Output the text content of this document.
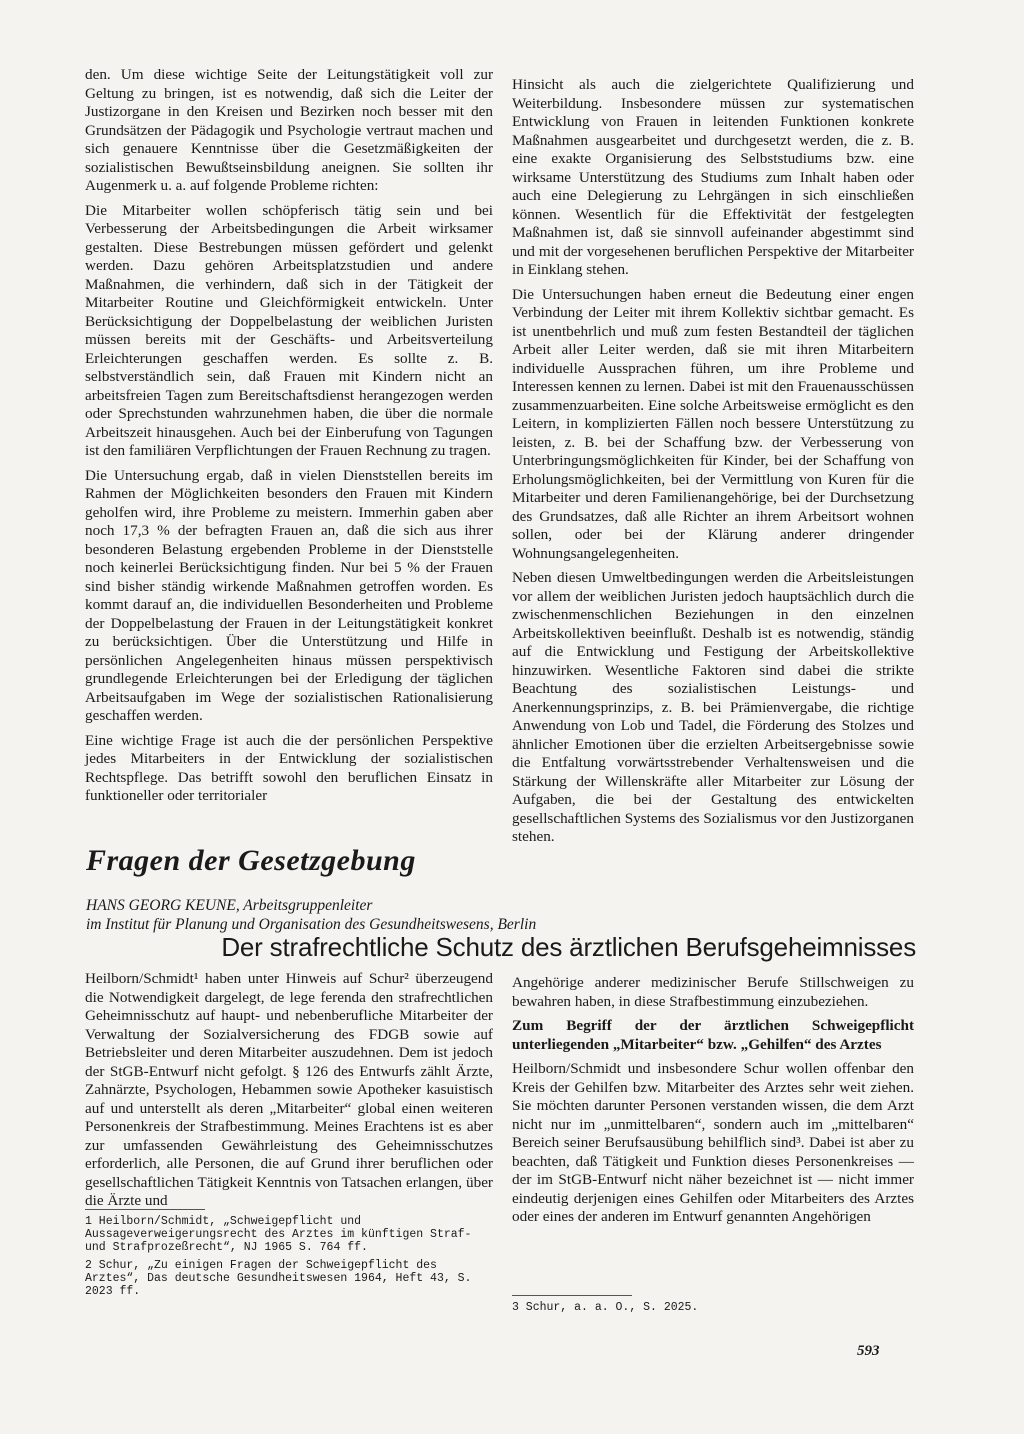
den. Um diese wichtige Seite der Leitungstätigkeit voll zur Geltung zu bringen, ist es notwendig, daß sich die Leiter der Justizorgane in den Kreisen und Bezirken noch besser mit den Grundsätzen der Pädagogik und Psychologie vertraut machen und sich genauere Kenntnisse über die Gesetzmäßigkeiten der sozialistischen Bewußtseinsbildung aneignen. Sie sollten ihr Augenmerk u. a. auf folgende Probleme richten:

Die Mitarbeiter wollen schöpferisch tätig sein und bei Verbesserung der Arbeitsbedingungen die Arbeit wirksamer gestalten. Diese Bestrebungen müssen gefördert und gelenkt werden. Dazu gehören Arbeitsplatzstudien und andere Maßnahmen, die verhindern, daß sich in der Tätigkeit der Mitarbeiter Routine und Gleichförmigkeit entwickeln. Unter Berücksichtigung der Doppelbelastung der weiblichen Juristen müssen bereits mit der Geschäfts- und Arbeitsverteilung Erleichterungen geschaffen werden. Es sollte z. B. selbstverständlich sein, daß Frauen mit Kindern nicht an arbeitsfreien Tagen zum Bereitschaftsdienst herangezogen werden oder Sprechstunden wahrzunehmen haben, die über die normale Arbeitszeit hinausgehen. Auch bei der Einberufung von Tagungen ist den familiären Verpflichtungen der Frauen Rechnung zu tragen.

Die Untersuchung ergab, daß in vielen Dienststellen bereits im Rahmen der Möglichkeiten besonders den Frauen mit Kindern geholfen wird, ihre Probleme zu meistern. Immerhin gaben aber noch 17,3 % der befragten Frauen an, daß die sich aus ihrer besonderen Belastung ergebenden Probleme in der Dienststelle noch keinerlei Berücksichtigung finden. Nur bei 5 % der Frauen sind bisher ständig wirkende Maßnahmen getroffen worden. Es kommt darauf an, die individuellen Besonderheiten und Probleme der Doppelbelastung der Frauen in der Leitungstätigkeit konkret zu berücksichtigen. Über die Unterstützung und Hilfe in persönlichen Angelegenheiten hinaus müssen perspektivisch grundlegende Erleichterungen bei der Erledigung der täglichen Arbeitsaufgaben im Wege der sozialistischen Rationalisierung geschaffen werden.

Eine wichtige Frage ist auch die der persönlichen Perspektive jedes Mitarbeiters in der Entwicklung der sozialistischen Rechtspflege. Das betrifft sowohl den beruflichen Einsatz in funktioneller oder territorialer

Hinsicht als auch die zielgerichtete Qualifizierung und Weiterbildung. Insbesondere müssen zur systematischen Entwicklung von Frauen in leitenden Funktionen konkrete Maßnahmen ausgearbeitet und durchgesetzt werden, die z. B. eine exakte Organisierung des Selbststudiums bzw. eine wirksame Unterstützung des Studiums zum Inhalt haben oder auch eine Delegierung zu Lehrgängen in sich einschließen können. Wesentlich für die Effektivität der festgelegten Maßnahmen ist, daß sie sinnvoll aufeinander abgestimmt sind und mit der vorgesehenen beruflichen Perspektive der Mitarbeiter in Einklang stehen.

Die Untersuchungen haben erneut die Bedeutung einer engen Verbindung der Leiter mit ihrem Kollektiv sichtbar gemacht. Es ist unentbehrlich und muß zum festen Bestandteil der täglichen Arbeit aller Leiter werden, daß sie mit ihren Mitarbeitern individuelle Aussprachen führen, um ihre Probleme und Interessen kennen zu lernen. Dabei ist mit den Frauenausschüssen zusammenzuarbeiten. Eine solche Arbeitsweise ermöglicht es den Leitern, in komplizierten Fällen noch bessere Unterstützung zu leisten, z. B. bei der Schaffung bzw. der Verbesserung von Unterbringungsmöglichkeiten für Kinder, bei der Schaffung von Erholungsmöglichkeiten, bei der Vermittlung von Kuren für die Mitarbeiter und deren Familienangehörige, bei der Durchsetzung des Grundsatzes, daß alle Richter an ihrem Arbeitsort wohnen sollen, oder bei der Klärung anderer dringender Wohnungsangelegenheiten.

Neben diesen Umweltbedingungen werden die Arbeitsleistungen vor allem der weiblichen Juristen jedoch hauptsächlich durch die zwischenmenschlichen Beziehungen in den einzelnen Arbeitskollektiven beeinflußt. Deshalb ist es notwendig, ständig auf die Entwicklung und Festigung der Arbeitskollektive hinzuwirken. Wesentliche Faktoren sind dabei die strikte Beachtung des sozialistischen Leistungs- und Anerkennungsprinzips, z. B. bei Prämienvergabe, die richtige Anwendung von Lob und Tadel, die Förderung des Stolzes und ähnlicher Emotionen über die erzielten Arbeitsergebnisse sowie die Entfaltung vorwärtsstrebender Verhaltensweisen und die Stärkung der Willenskräfte aller Mitarbeiter zur Lösung der Aufgaben, die bei der Gestaltung des entwickelten gesellschaftlichen Systems des Sozialismus vor den Justizorganen stehen.

Fragen der Gesetzgebung
HANS GEORG KEUNE, Arbeitsgruppenleiter
im Institut für Planung und Organisation des Gesundheitswesens, Berlin
Der strafrechtliche Schutz des ärztlichen Berufsgeheimnisses

Heilborn/Schmidt¹ haben unter Hinweis auf Schur² überzeugend die Notwendigkeit dargelegt, de lege ferenda den strafrechtlichen Geheimnisschutz auf haupt- und nebenberufliche Mitarbeiter der Verwaltung der Sozialversicherung des FDGB sowie auf Betriebsleiter und deren Mitarbeiter auszudehnen. Dem ist jedoch der StGB-Entwurf nicht gefolgt. § 126 des Entwurfs zählt Ärzte, Zahnärzte, Psychologen, Hebammen sowie Apotheker kasuistisch auf und unterstellt als deren „Mitarbeiter“ global einen weiteren Personenkreis der Strafbestimmung. Meines Erachtens ist es aber zur umfassenden Gewährleistung des Geheimnisschutzes erforderlich, alle Personen, die auf Grund ihrer beruflichen oder gesellschaftlichen Tätigkeit Kenntnis von Tatsachen erlangen, über die Ärzte und

Angehörige anderer medizinischer Berufe Stillschweigen zu bewahren haben, in diese Strafbestimmung einzubeziehen.

Zum Begriff der der ärztlichen Schweigepflicht unterliegenden „Mitarbeiter“ bzw. „Gehilfen“ des Arztes

Heilborn/Schmidt und insbesondere Schur wollen offenbar den Kreis der Gehilfen bzw. Mitarbeiter des Arztes sehr weit ziehen. Sie möchten darunter Personen verstanden wissen, die dem Arzt nicht nur im „unmittelbaren“, sondern auch im „mittelbaren“ Bereich seiner Berufsausübung behilflich sind³. Dabei ist aber zu beachten, daß Tätigkeit und Funktion dieses Personenkreises — der im StGB-Entwurf nicht näher bezeichnet ist — nicht immer eindeutig derjenigen eines Gehilfen oder Mitarbeiters des Arztes oder eines der anderen im Entwurf genannten Angehörigen

1 Heilborn/Schmidt, „Schweigepflicht und Aussageverweigerungsrecht des Arztes im künftigen Straf- und Strafprozeßrecht“, NJ 1965 S. 764 ff.

2 Schur, „Zu einigen Fragen der Schweigepflicht des Arztes“, Das deutsche Gesundheitswesen 1964, Heft 43, S. 2023 ff.

3 Schur, a. a. O., S. 2025.

593
